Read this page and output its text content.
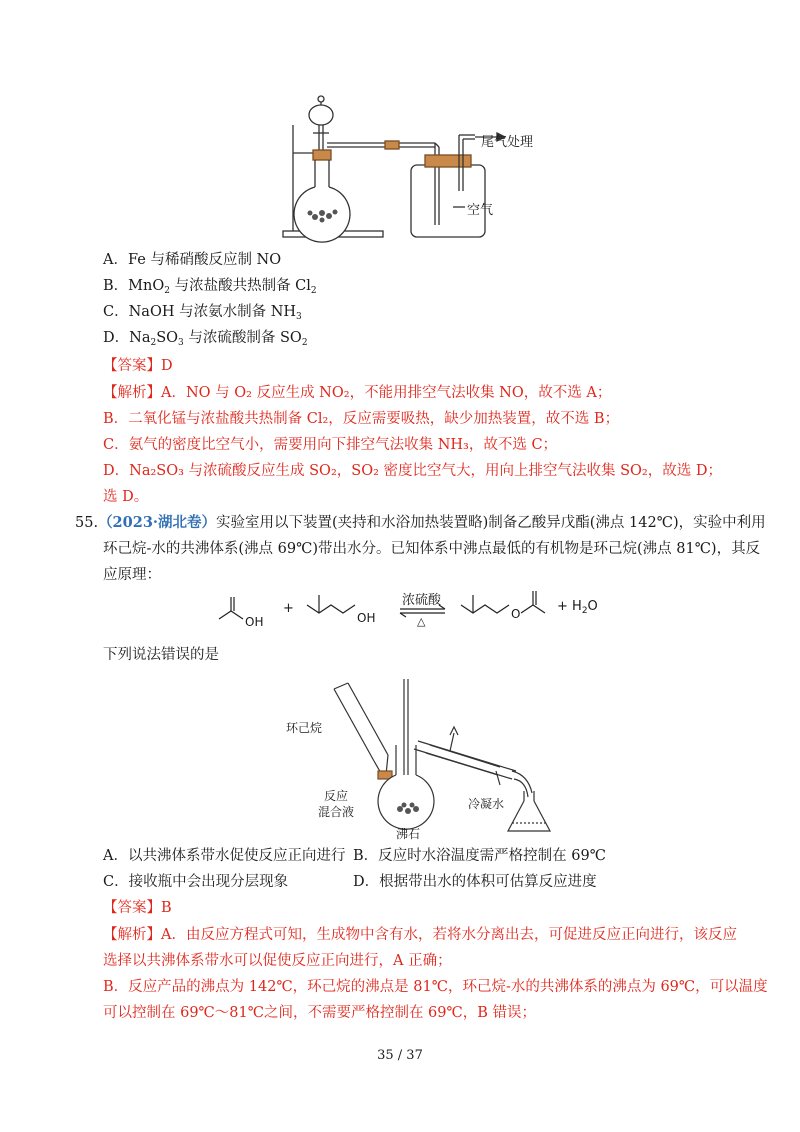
尾气处理
空气
A．Fe 与稀硝酸反应制 NO
B．MnO$_2$ 与浓盐酸共热制备 $Cl_2$
C．NaOH 与浓氨水制备 $NH_3$
D．$Na_2SO_3$ 与浓硫酸制备 $SO_2$
【答案】D
【解析】A．NO 与 O₂ 反应生成 NO₂，不能用排空气法收集 NO，故不选 A；
B．二氧化锰与浓盐酸共热制备 Cl₂，反应需要吸热，缺少加热装置，故不选 B；
C．氨气的密度比空气小，需要用向下排空气法收集 NH₃，故不选 C；
D．Na₂SO₃ 与浓硫酸反应生成 SO₂，SO₂ 密度比空气大，用向上排空气法收集 SO₂，故选 D；
选 D。
55.（2023·湖北卷）实验室用以下装置(夹持和水浴加热装置略)制备乙酸异戊酯(沸点 142℃)，实验中利用
环己烷-水的共沸体系(沸点 69℃)带出水分。已知体系中沸点最低的有机物是环己烷(沸点 81℃)，其反
应原理：
OH
+
OH
浓硫酸
△
O	+ $H_2O$
下列说法错误的是
环己烷
反应
混合液
沸石
冷凝水
A．以共沸体系带水促使反应正向进行 B．反应时水浴温度需严格控制在 69℃
C．接收瓶中会出现分层现象	D．根据带出水的体积可估算反应进度
【答案】B
【解析】A．由反应方程式可知，生成物中含有水，若将水分离出去，可促进反应正向进行，该反应
选择以共沸体系带水可以促使反应正向进行，A 正确；
B．反应产品的沸点为 142℃，环己烷的沸点是 81℃，环己烷-水的共沸体系的沸点为 69℃，可以温度
可以控制在 69℃～81℃之间，不需要严格控制在 69℃，B 错误；
35 / 37
